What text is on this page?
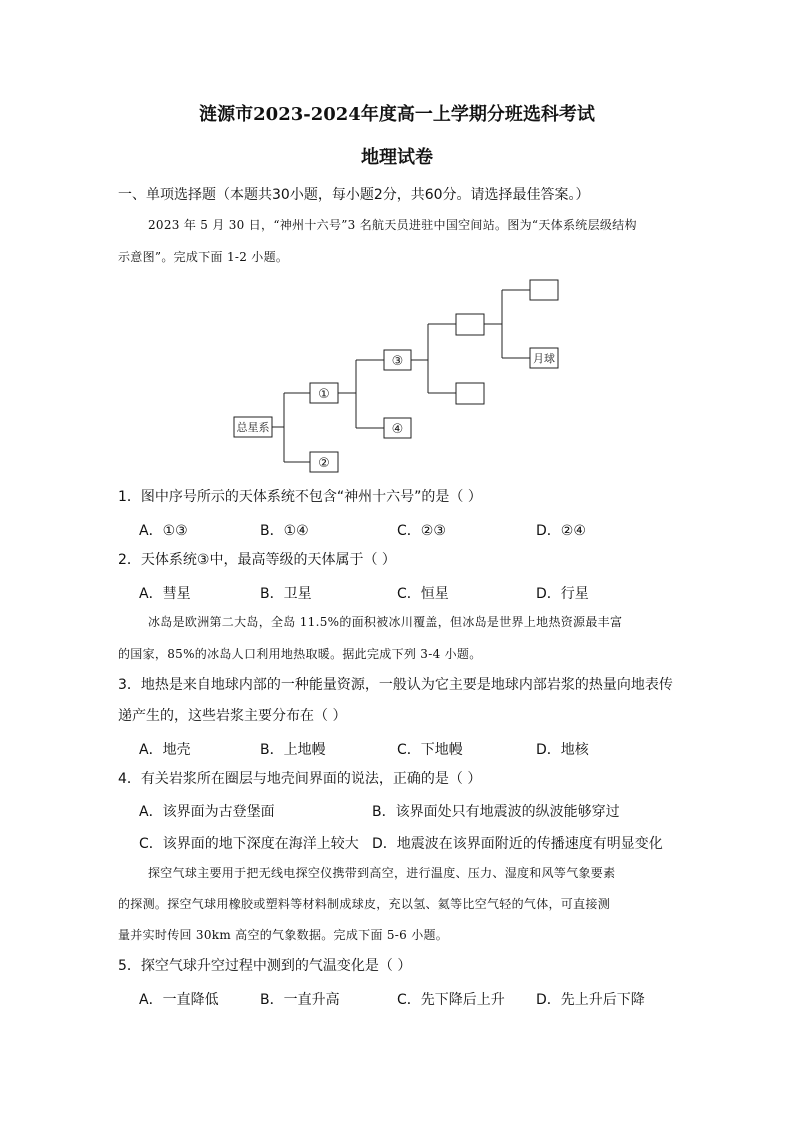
涟源市2023-2024年度高一上学期分班选科考试
地理试卷
一、单项选择题（本题共30小题，每小题2分，共60分。请选择最佳答案。）
2023 年 5 月 30 日，“神州十六号”3 名航天员进驻中国空间站。图为“天体系统层级结构
示意图”。完成下面 1-2 小题。
总星系
①
②
③
④
月球
1．图中序号所示的天体系统不包含“神州十六号”的是（ ）
A．①③	B．①④	C．②③	D．②④
2．天体系统③中，最高等级的天体属于（ ）
A．彗星	B．卫星	C．恒星	D．行星
冰岛是欧洲第二大岛，全岛 11.5%的面积被冰川覆盖，但冰岛是世界上地热资源最丰富
的国家，85%的冰岛人口利用地热取暖。据此完成下列 3-4 小题。
3．地热是来自地球内部的一种能量资源，一般认为它主要是地球内部岩浆的热量向地表传
递产生的，这些岩浆主要分布在（ ）
A．地壳	B．上地幔	C．下地幔	D．地核
4．有关岩浆所在圈层与地壳间界面的说法，正确的是（ ）
A．该界面为古登堡面	B．该界面处只有地震波的纵波能够穿过
C．该界面的地下深度在海洋上较大 D．地震波在该界面附近的传播速度有明显变化
探空气球主要用于把无线电探空仪携带到高空，进行温度、压力、湿度和风等气象要素
的探测。探空气球用橡胶或塑料等材料制成球皮，充以氢、氦等比空气轻的气体，可直接测
量并实时传回 30km 高空的气象数据。完成下面 5-6 小题。
5．探空气球升空过程中测到的气温变化是（ ）
A．一直降低	B．一直升高	C．先下降后上升 D．先上升后下降
